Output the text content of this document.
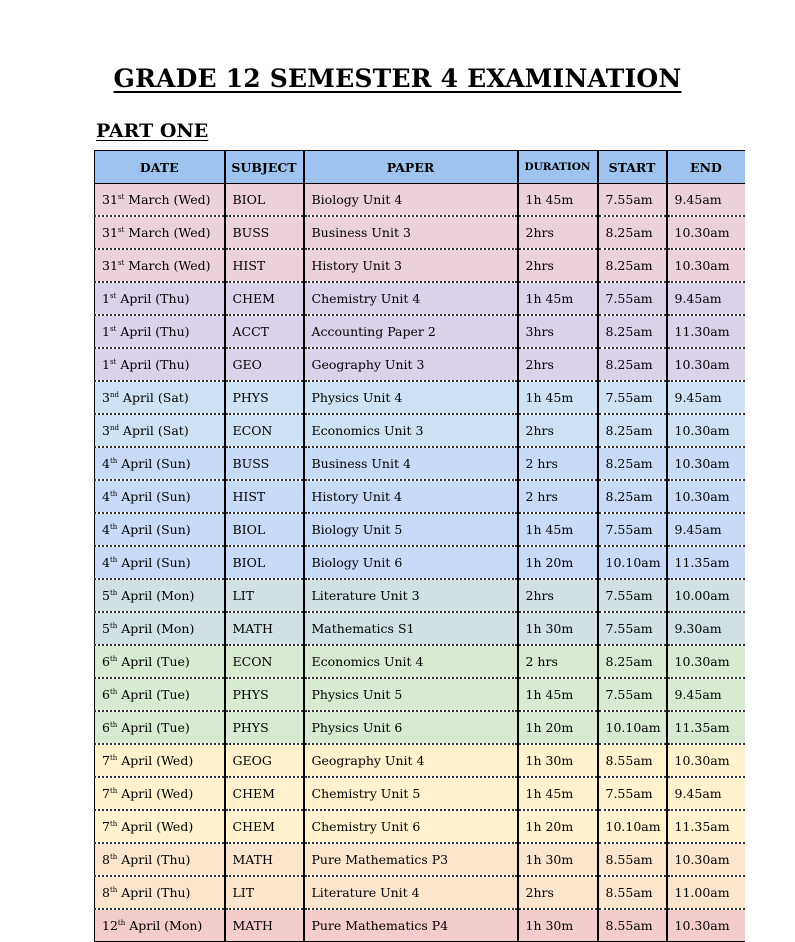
GRADE 12 SEMESTER 4 EXAMINATION
PART ONE
DATE	SUBJECT	PAPER	DURATION	START	END
31st March (Wed)	BIOL	Biology Unit 4	1h 45m	7.55am	9.45am
31st March (Wed)	BUSS	Business Unit 3	2hrs	8.25am	10.30am
31st March (Wed)	HIST	History Unit 3	2hrs	8.25am	10.30am
1st April (Thu)	CHEM	Chemistry Unit 4	1h 45m	7.55am	9.45am
1st April (Thu)	ACCT	Accounting Paper 2	3hrs	8.25am	11.30am
1st April (Thu)	GEO	Geography Unit 3	2hrs	8.25am	10.30am
3nd April (Sat)	PHYS	Physics Unit 4	1h 45m	7.55am	9.45am
3nd April (Sat)	ECON	Economics Unit 3	2hrs	8.25am	10.30am
4th April (Sun)	BUSS	Business Unit 4	2 hrs	8.25am	10.30am
4th April (Sun)	HIST	History Unit 4	2 hrs	8.25am	10.30am
4th April (Sun)	BIOL	Biology Unit 5	1h 45m	7.55am	9.45am
4th April (Sun)	BIOL	Biology Unit 6	1h 20m	10.10am	11.35am
5th April (Mon)	LIT	Literature Unit 3	2hrs	7.55am	10.00am
5th April (Mon)	MATH	Mathematics S1	1h 30m	7.55am	9.30am
6th April (Tue)	ECON	Economics Unit 4	2 hrs	8.25am	10.30am
6th April (Tue)	PHYS	Physics Unit 5	1h 45m	7.55am	9.45am
6th April (Tue)	PHYS	Physics Unit 6	1h 20m	10.10am	11.35am
7th April (Wed)	GEOG	Geography Unit 4	1h 30m	8.55am	10.30am
7th April (Wed)	CHEM	Chemistry Unit 5	1h 45m	7.55am	9.45am
7th April (Wed)	CHEM	Chemistry Unit 6	1h 20m	10.10am	11.35am
8th April (Thu)	MATH	Pure Mathematics P3	1h 30m	8.55am	10.30am
8th April (Thu)	LIT	Literature Unit 4	2hrs	8.55am	11.00am
12th April (Mon)	MATH	Pure Mathematics P4	1h 30m	8.55am	10.30am
